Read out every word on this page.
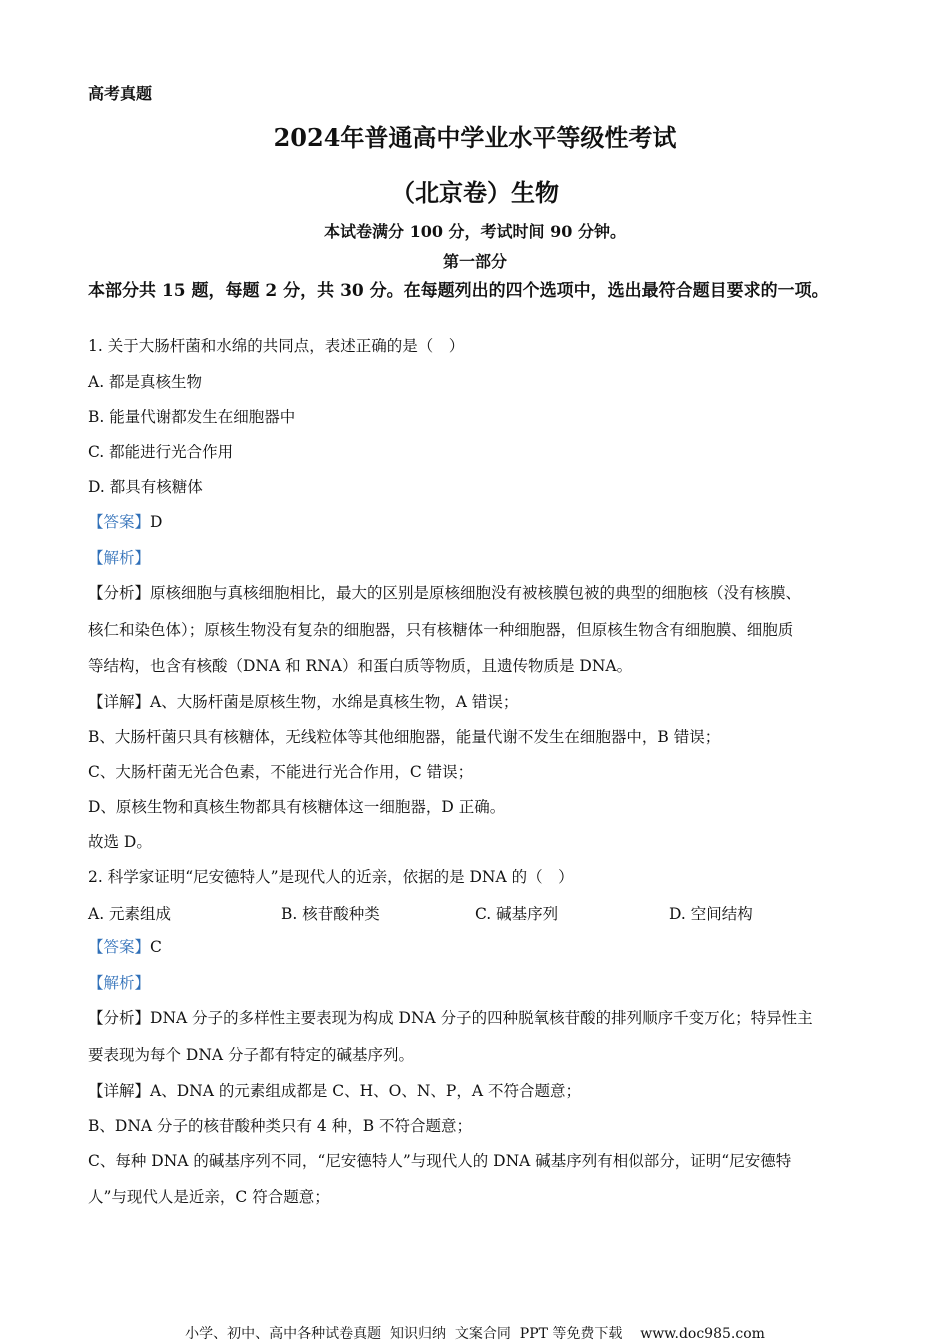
高考真题
2024年普通高中学业水平等级性考试
（北京卷）生物
本试卷满分 100 分，考试时间 90 分钟。
第一部分
本部分共 15 题，每题 2 分，共 30 分。在每题列出的四个选项中，选出最符合题目要求的一项。
1. 关于大肠杆菌和水绵的共同点，表述正确的是（　）
A. 都是真核生物
B. 能量代谢都发生在细胞器中
C. 都能进行光合作用
D. 都具有核糖体
【答案】D
【解析】
【分析】原核细胞与真核细胞相比，最大的区别是原核细胞没有被核膜包被的典型的细胞核（没有核膜、
核仁和染色体）；原核生物没有复杂的细胞器，只有核糖体一种细胞器，但原核生物含有细胞膜、细胞质
等结构，也含有核酸（DNA 和 RNA）和蛋白质等物质，且遗传物质是 DNA。
【详解】A、大肠杆菌是原核生物，水绵是真核生物，A 错误；
B、大肠杆菌只具有核糖体，无线粒体等其他细胞器，能量代谢不发生在细胞器中，B 错误；
C、大肠杆菌无光合色素，不能进行光合作用，C 错误；
D、原核生物和真核生物都具有核糖体这一细胞器，D 正确。
故选 D。
2. 科学家证明“尼安德特人”是现代人的近亲，依据的是 DNA 的（　）
A. 元素组成	B. 核苷酸种类	C. 碱基序列	D. 空间结构
【答案】C
【解析】
【分析】DNA 分子的多样性主要表现为构成 DNA 分子的四种脱氧核苷酸的排列顺序千变万化；特异性主
要表现为每个 DNA 分子都有特定的碱基序列。
【详解】A、DNA 的元素组成都是 C、H、O、N、P，A 不符合题意；
B、DNA 分子的核苷酸种类只有 4 种，B 不符合题意；
C、每种 DNA 的碱基序列不同，“尼安德特人”与现代人的 DNA 碱基序列有相似部分，证明“尼安德特
人”与现代人是近亲，C 符合题意；
小学、初中、高中各种试卷真题  知识归纳  文案合同  PPT 等免费下载    www.doc985.com
